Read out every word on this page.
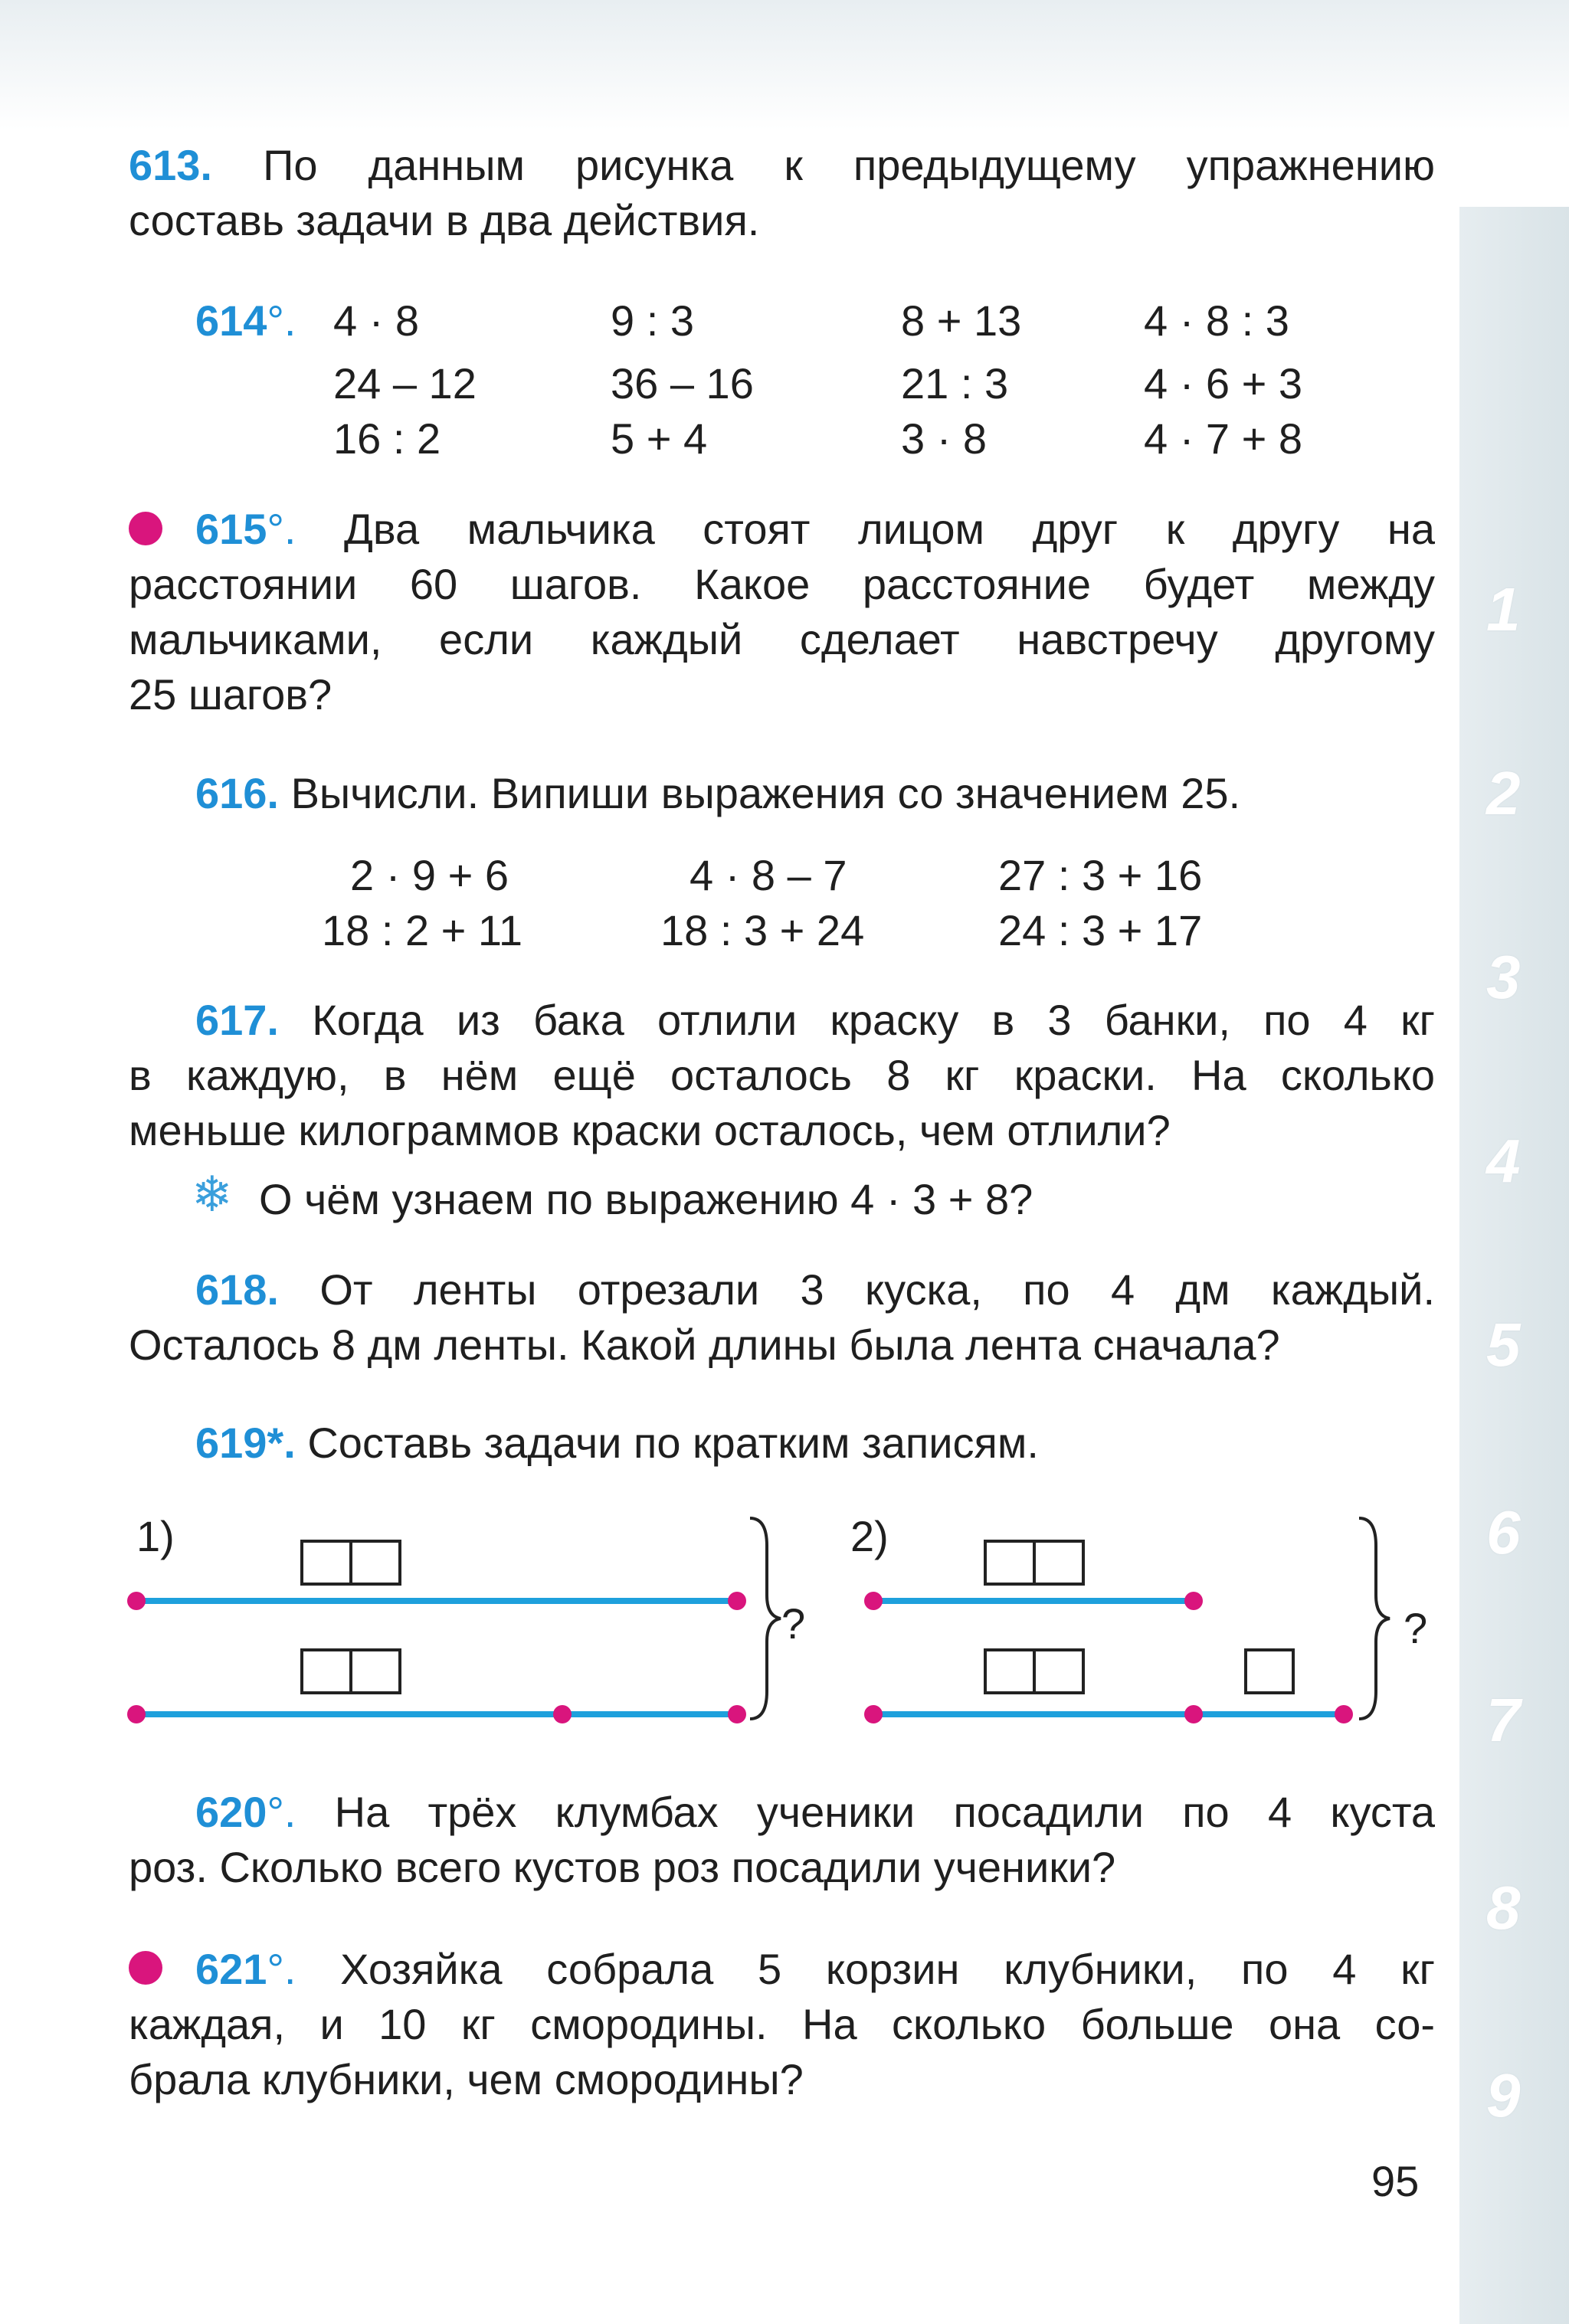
1
2
3
4
5
6
7
8
9
613. По данным рисунка к предыдущему упражнению
составь задачи в два действия.
614°. 4 · 8
24 – 12
16 : 2
9 : 3
36 – 16
5 + 4
8 + 13
21 : 3
3 · 8
4 · 8 : 3
4 · 6 + 3
4 · 7 + 8
615°. Два мальчика стоят лицом друг к другу на
расстоянии 60 шагов. Какое расстояние будет между
мальчиками, если каждый сделает навстречу другому
25 шагов?
616. Вычисли. Випиши выражения со значением 25.
2 · 9 + 6
18 : 2 + 11
4 · 8 – 7
18 : 3 + 24
27 : 3 + 16
24 : 3 + 17
617. Когда из бака отлили краску в 3 банки, по 4 кг
в каждую, в нём ещё осталось 8 кг краски. На сколько
меньше килограммов краски осталось, чем отлили?
❄ О чём узнаем по выражению 4 · 3 + 8?
618. От ленты отрезали 3 куска, по 4 дм каждый.
Осталось 8 дм ленты. Какой длины была лента сначала?
619*. Составь задачи по кратким записям.
1)
?
2)
?
620°. На трёх клумбах ученики посадили по 4 куста
роз. Сколько всего кустов роз посадили ученики?
621°. Хозяйка собрала 5 корзин клубники, по 4 кг
каждая, и 10 кг смородины. На сколько больше она со-
брала клубники, чем смородины?
95
